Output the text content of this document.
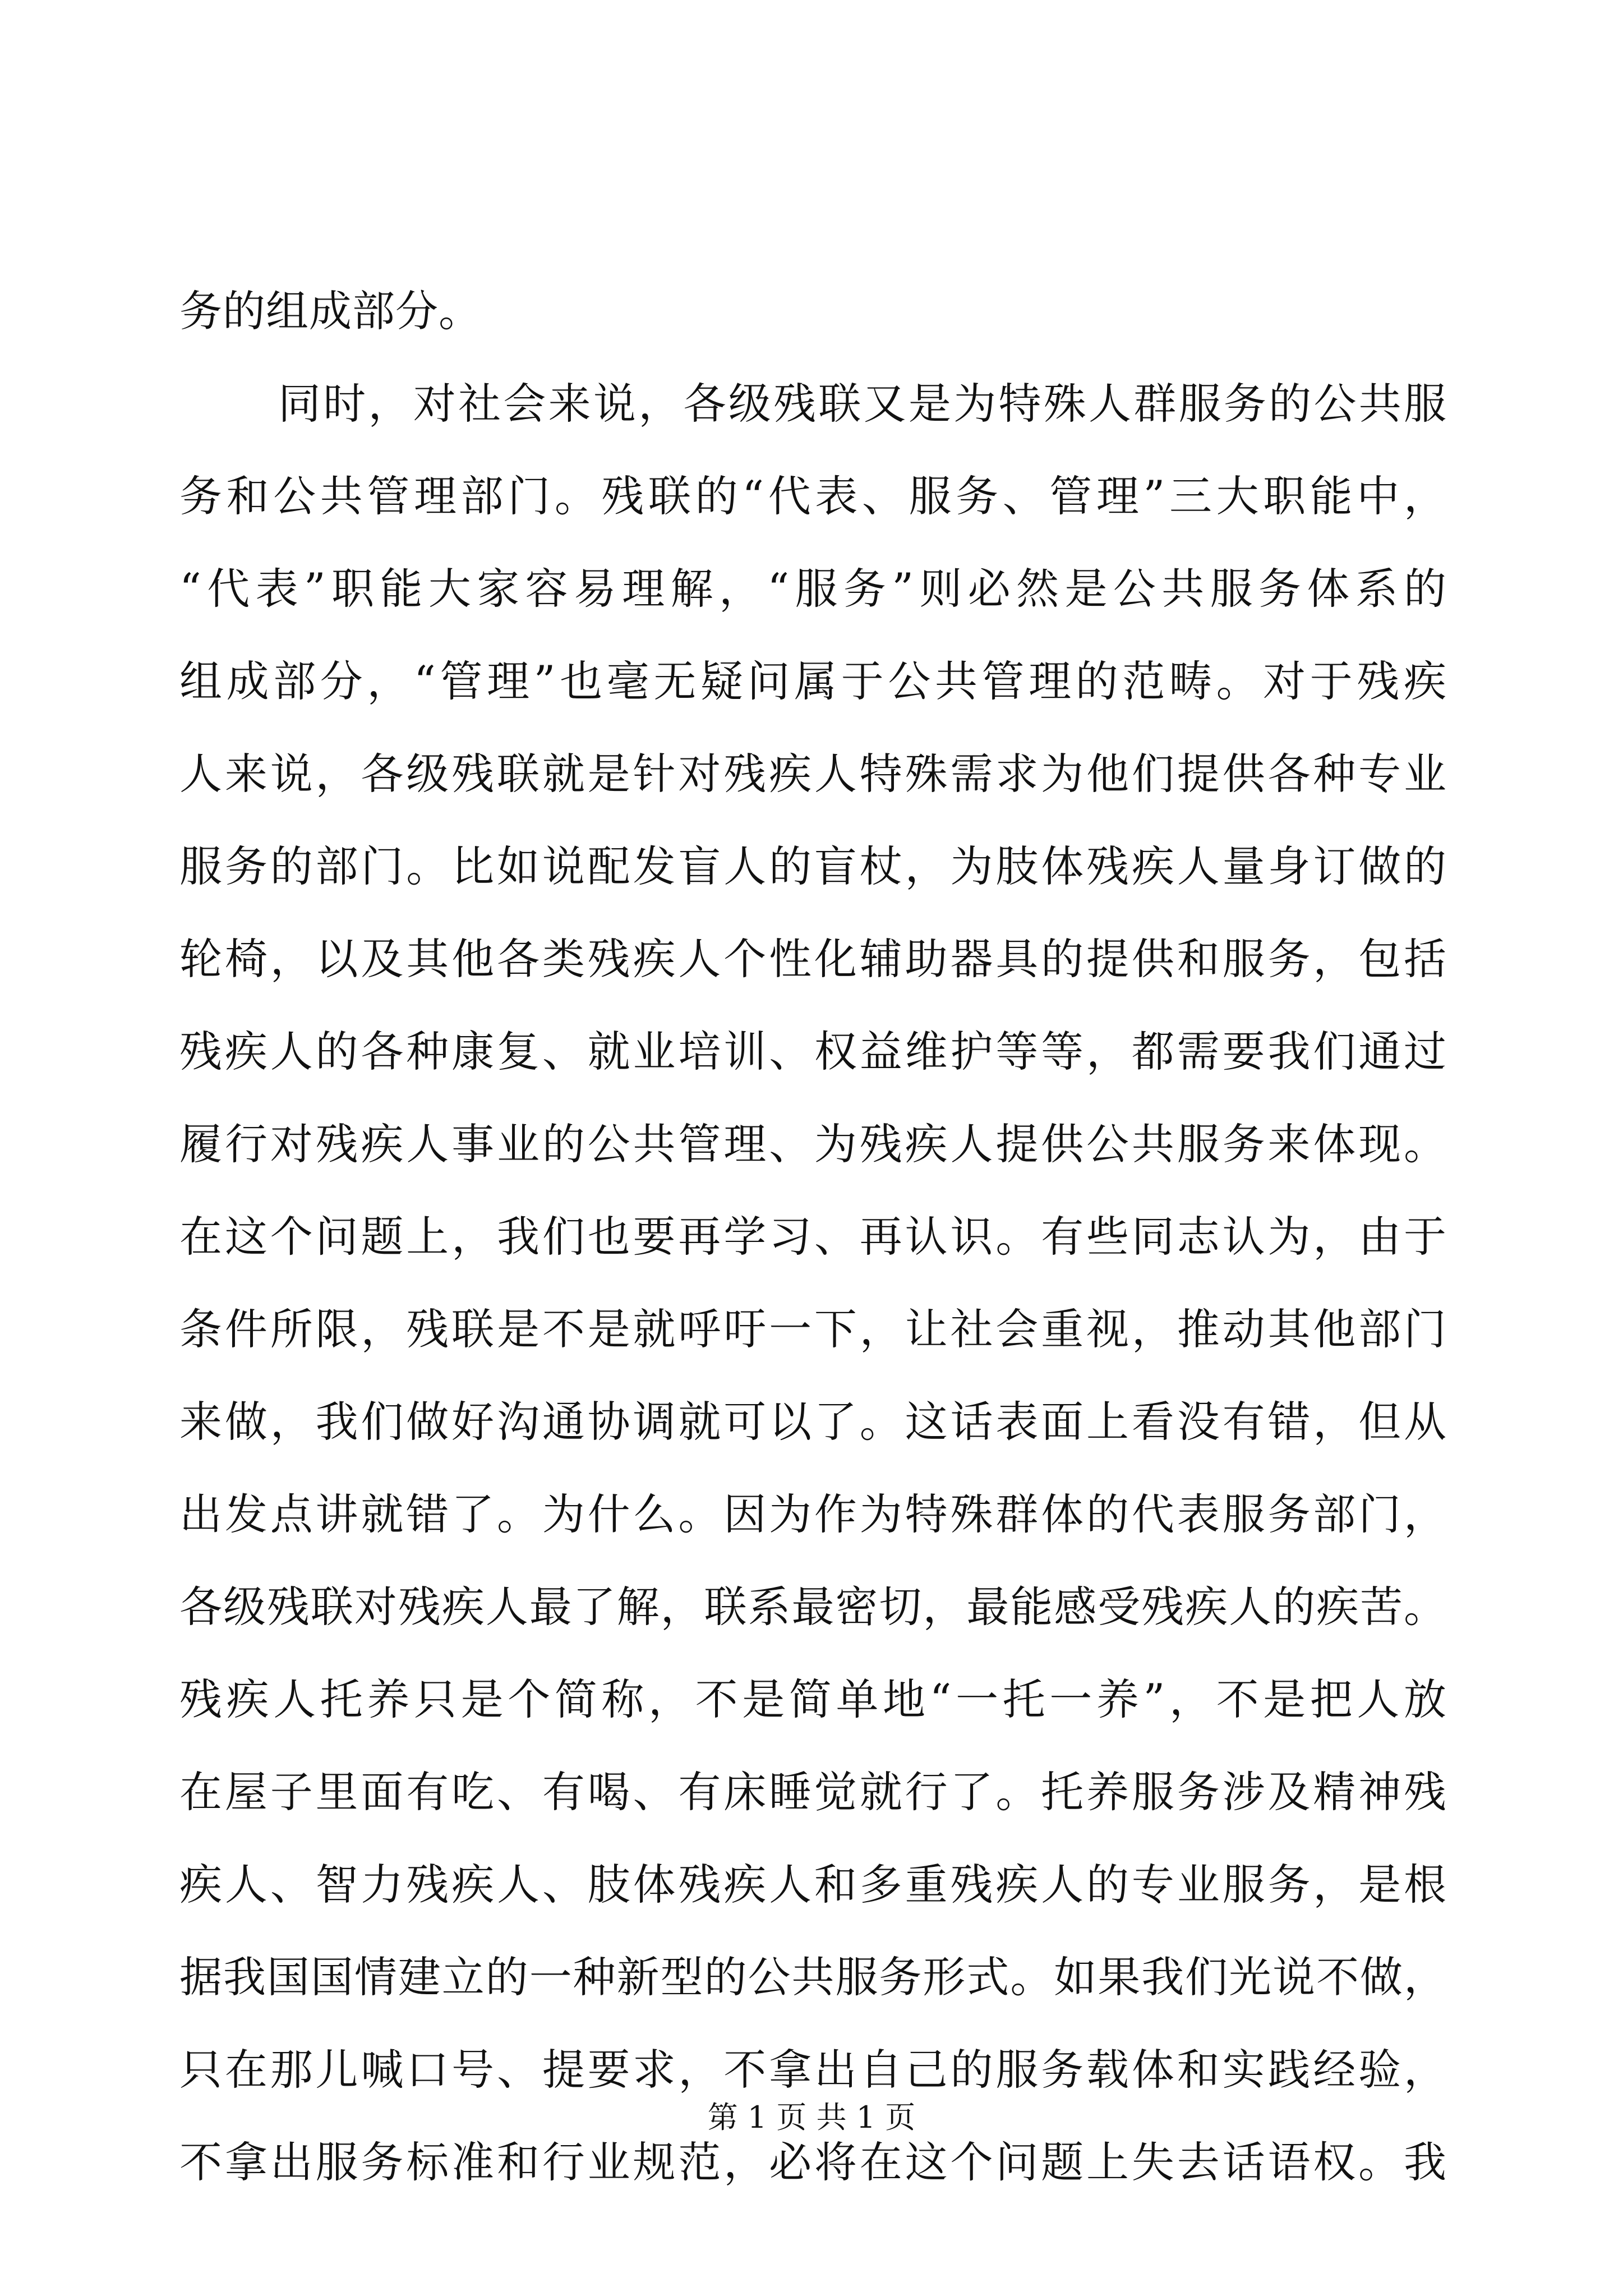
务的组成部分。
同时，对社会来说，各级残联又是为特殊人群服务的公共服
务和公共管理部门。残联的“代表、服务、管理”三大职能中，
“代表”职能大家容易理解，“服务”则必然是公共服务体系的
组成部分，“管理”也毫无疑问属于公共管理的范畴。对于残疾
人来说，各级残联就是针对残疾人特殊需求为他们提供各种专业
服务的部门。比如说配发盲人的盲杖，为肢体残疾人量身订做的
轮椅，以及其他各类残疾人个性化辅助器具的提供和服务，包括
残疾人的各种康复、就业培训、权益维护等等，都需要我们通过
履行对残疾人事业的公共管理、为残疾人提供公共服务来体现。
在这个问题上，我们也要再学习、再认识。有些同志认为，由于
条件所限，残联是不是就呼吁一下，让社会重视，推动其他部门
来做，我们做好沟通协调就可以了。这话表面上看没有错，但从
出发点讲就错了。为什么。因为作为特殊群体的代表服务部门，
各级残联对残疾人最了解，联系最密切，最能感受残疾人的疾苦。
残疾人托养只是个简称，不是简单地“一托一养”，不是把人放
在屋子里面有吃、有喝、有床睡觉就行了。托养服务涉及精神残
疾人、智力残疾人、肢体残疾人和多重残疾人的专业服务，是根
据我国国情建立的一种新型的公共服务形式。如果我们光说不做，
只在那儿喊口号、提要求，不拿出自己的服务载体和实践经验，
不拿出服务标准和行业规范，必将在这个问题上失去话语权。我
第 1 页 共 1 页
